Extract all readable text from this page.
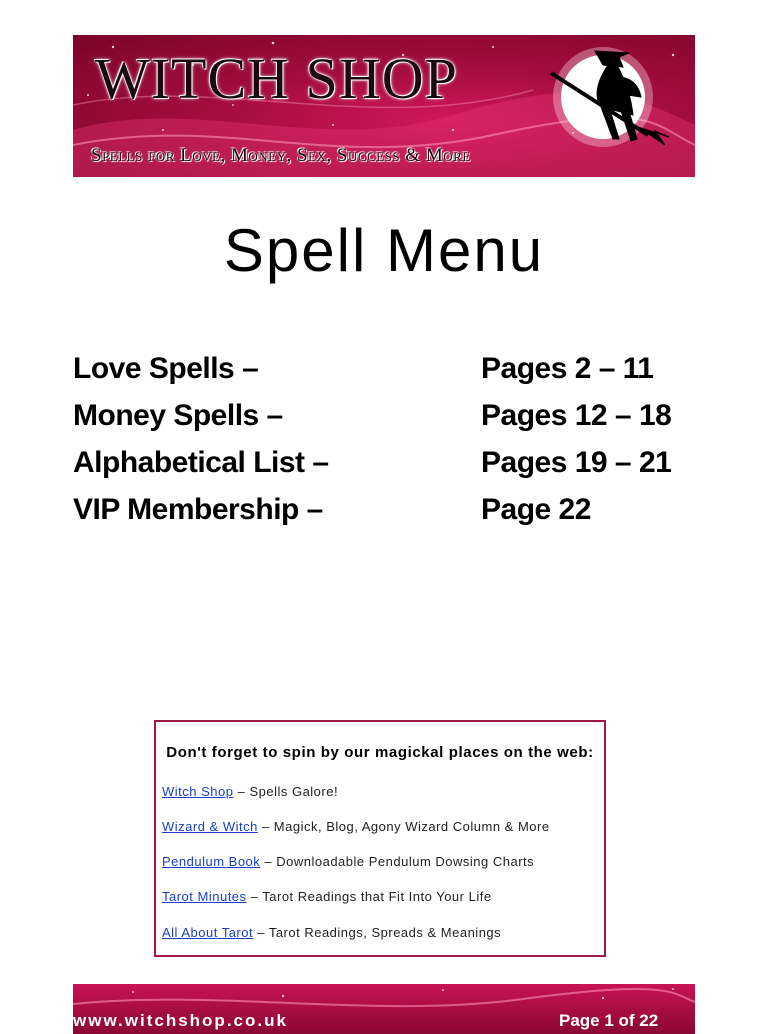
WITCH SHOP
Spells for Love, Money, Sex, Success & More
Spell Menu
Love Spells –	Pages 2 – 11
Money Spells –	Pages 12 – 18
Alphabetical List –	Pages 19 – 21
VIP Membership –	Page 22
Don't forget to spin by our magickal places on the web:
Witch Shop – Spells Galore!
Wizard & Witch – Magick, Blog, Agony Wizard Column & More
Pendulum Book – Downloadable Pendulum Dowsing Charts
Tarot Minutes – Tarot Readings that Fit Into Your Life
All About Tarot – Tarot Readings, Spreads & Meanings
www.witchshop.co.uk	Page 1 of 22
